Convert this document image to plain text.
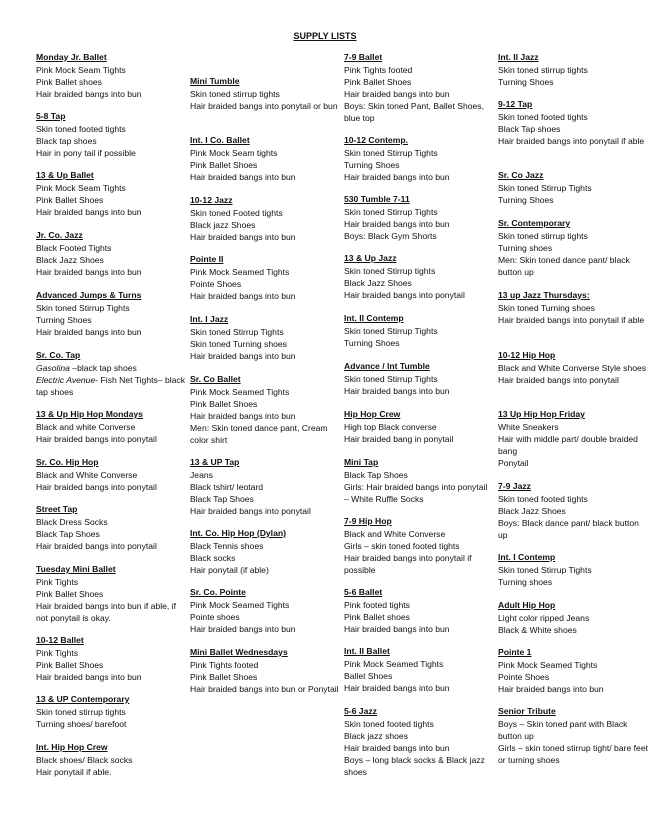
SUPPLY LISTS
Monday Jr. Ballet
Pink Mock Seam Tights
Pink Ballet shoes
Hair braided bangs into bun
5-8 Tap
Skin toned footed tights
Black tap shoes
Hair in pony tail if possible
13 & Up Ballet
Pink Mock Seam Tights
Pink Ballet Shoes
Hair braided bangs into bun
Jr. Co. Jazz
Black Footed Tights
Black Jazz Shoes
Hair braided bangs into bun
Advanced Jumps & Turns
Skin toned Stirrup Tights
Turning Shoes
Hair braided bangs into bun
Sr. Co. Tap
Gasolina –black tap shoes
Electric Avenue- Fish Net Tights– black tap shoes
13 & Up Hip Hop Mondays
Black and white Converse
Hair braided bangs into ponytail
Sr. Co. Hip Hop
Black and White Converse
Hair braided bangs into ponytail
Street Tap
Black Dress Socks
Black Tap Shoes
Hair braided bangs into ponytail
Tuesday Mini Ballet
Pink Tights
Pink Ballet Shoes
Hair braided bangs into bun if able, if not ponytail is okay.
10-12 Ballet
Pink Tights
Pink Ballet Shoes
Hair braided bangs into bun
13 & UP Contemporary
Skin toned stirrup tights
Turning shoes/ barefoot
Int. Hip Hop Crew
Black shoes/ Black socks
Hair ponytail if able.
Mini Tumble
Skin toned stirrup tights
Hair braided bangs into ponytail or bun
Int. I Co. Ballet
Pink Mock Seam tights
Pink Ballet Shoes
Hair braided bangs into bun
10-12 Jazz
Skin toned Footed tights
Black jazz Shoes
Hair braided bangs into bun
Pointe II
Pink Mock Seamed Tights
Pointe Shoes
Hair braided bangs into bun
Int. I Jazz
Skin toned Stirrup Tights
Skin toned Turning shoes
Hair braided bangs into bun
Sr. Co Ballet
Pink Mock Seamed Tights
Pink Ballet Shoes
Hair braided bangs into bun
Men: Skin toned dance pant, Cream color shirt
13 & UP Tap
Jeans
Black tshirt/ leotard
Black Tap Shoes
Hair braided bangs into ponytail
Int. Co. Hip Hop (Dylan)
Black Tennis shoes
Black socks
Hair ponytail (if able)
Sr. Co. Pointe
Pink Mock Seamed Tights
Pointe shoes
Hair braided bangs into bun
Mini Ballet Wednesdays
Pink Tights footed
Pink Ballet Shoes
Hair braided bangs into bun or Ponytail
7-9 Ballet
Pink Tights footed
Pink Ballet Shoes
Hair braided bangs into bun
Boys: Skin toned Pant, Ballet Shoes, blue top
10-12 Contemp.
Skin toned Stirrup Tights
Turning Shoes
Hair braided bangs into bun
530 Tumble 7-11
Skin toned Stirrup Tights
Hair braided bangs into bun
Boys: Black Gym Shorts
13 & Up Jazz
Skin toned Stirrup tights
Black Jazz Shoes
Hair braided bangs into ponytail
Int. II Contemp
Skin toned Stirrup Tights
Turning Shoes
Advance / Int Tumble
Skin toned Stirrup Tights
Hair braided bangs into bun
Hip Hop Crew
High top Black converse
Hair braided bang in ponytail
Mini Tap
Black Tap Shoes
Girls: Hair braided bangs into ponytail – White Ruffle Socks
7-9 Hip Hop
Black and White Converse
Girls – skin toned footed tights
Hair braided bangs into ponytail if possible
5-6 Ballet
Pink footed tights
Pink Ballet shoes
Hair braided bangs into bun
Int. II Ballet
Pink Mock Seamed Tights
Ballet Shoes
Hair braided bangs into bun
5-6 Jazz
Skin toned footed tights
Black jazz shoes
Hair braided bangs into bun
Boys – long black socks & Black jazz shoes
Int. II Jazz
Skin toned stirrup tights
Turning Shoes
9-12 Tap
Skin toned footed tights
Black Tap shoes
Hair braided bangs into ponytail if able
Sr. Co Jazz
Skin toned Stirrup Tights
Turning Shoes
Sr. Contemporary
Skin toned stirrup tights
Turning shoes
Men: Skin toned dance pant/ black button up
13 up Jazz Thursdays:
Skin toned Turning shoes
Hair braided bangs into ponytail if able
10-12 Hip Hop
Black and White Converse Style shoes
Hair braided bangs into ponytail
13 Up Hip Hop Friday
White Sneakers
Hair with middle part/ double braided bang
Ponytail
7-9 Jazz
Skin toned footed tights
Black Jazz Shoes
Boys: Black dance pant/ black button up
Int. I Contemp
Skin toned Stirrup Tights
Turning shoes
Adult Hip Hop
Light color ripped Jeans
Black & White shoes
Pointe 1
Pink Mock Seamed Tights
Pointe Shoes
Hair braided bangs into bun
Senior Tribute
Boys – Skin toned pant with Black button up
Girls – skin toned stirrup tight/ bare feet or turning shoes
